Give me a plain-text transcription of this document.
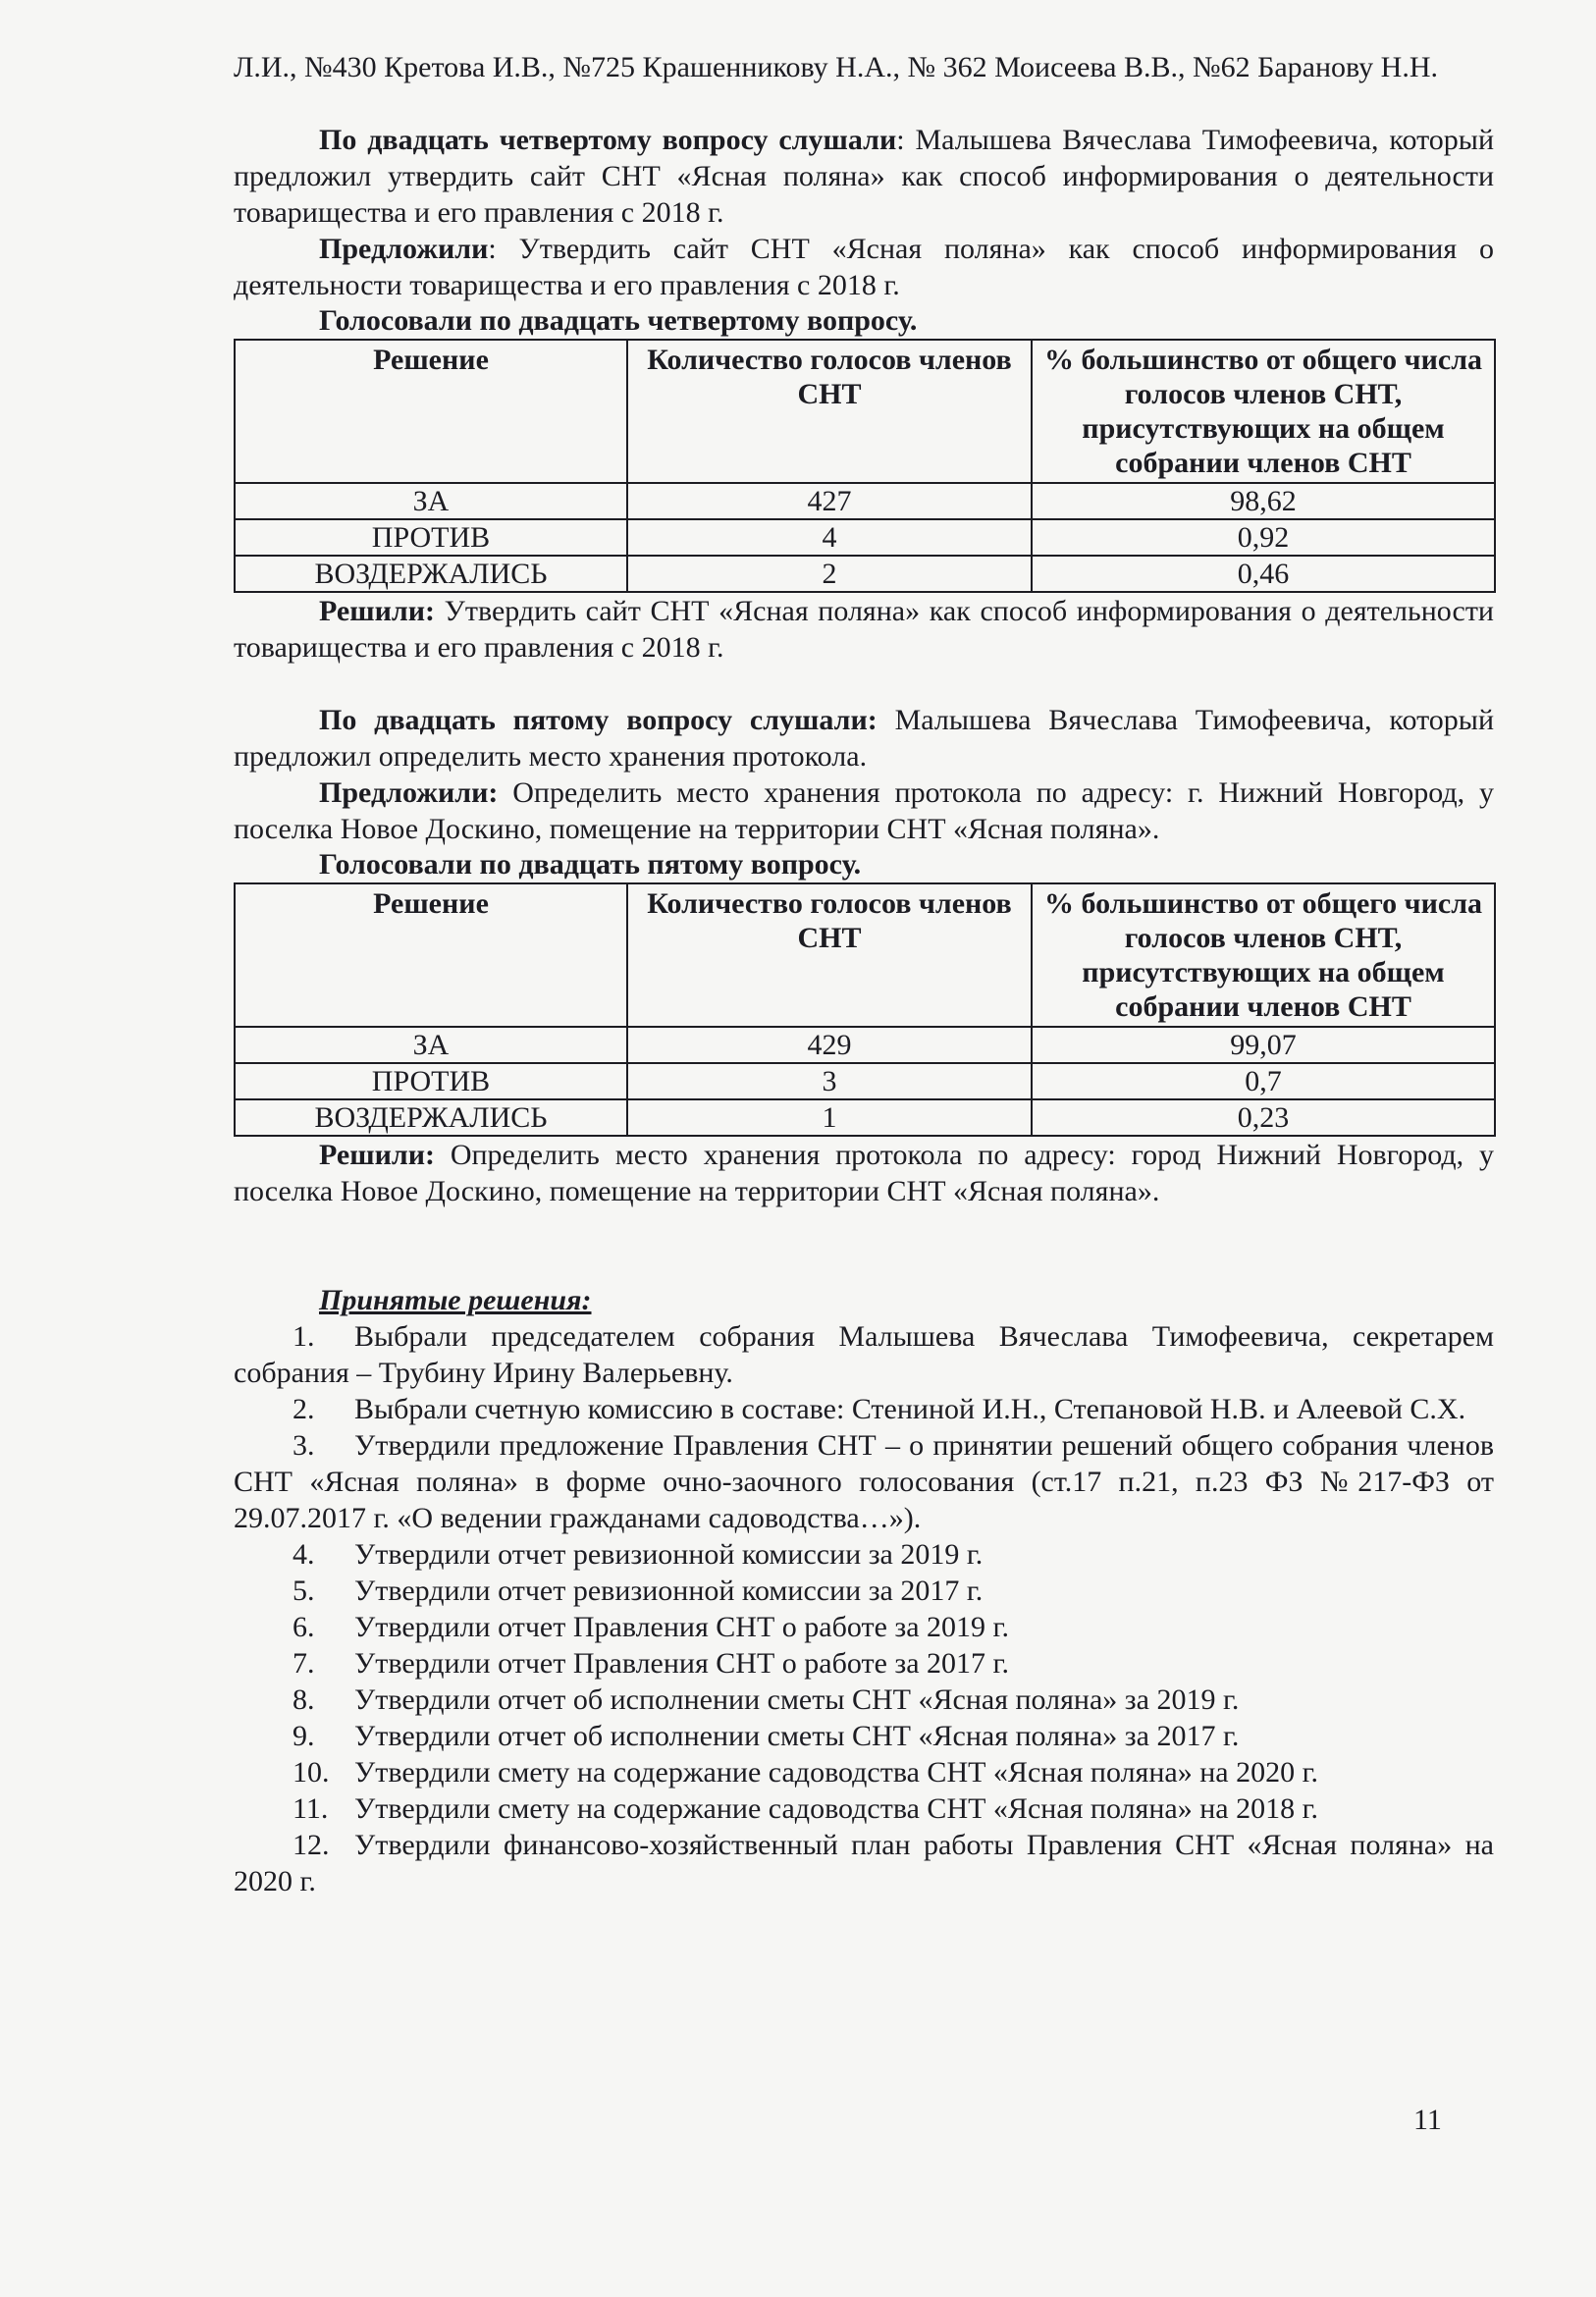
Л.И., №430 Кретова И.В., №725 Крашенникову Н.А., № 362 Моисеева В.В., №62 Баранову Н.Н.

По двадцать четвертому вопросу слушали: Малышева Вячеслава Тимофеевича, который предложил утвердить сайт СНТ «Ясная поляна» как способ информирования о деятельности товарищества и его правления с 2018 г.

Предложили: Утвердить сайт СНТ «Ясная поляна» как способ информирования о деятельности товарищества и его правления с 2018 г.

Голосовали по двадцать четвертому вопросу.
Решение	Количество голосов членов СНТ	% большинство от общего числа голосов членов СНТ, присутствующих на общем собрании членов СНТ
ЗА	427	98,62
ПРОТИВ	4	0,92
ВОЗДЕРЖАЛИСЬ	2	0,46

Решили: Утвердить сайт СНТ «Ясная поляна» как способ информирования о деятельности товарищества и его правления с 2018 г.

По двадцать пятому вопросу слушали: Малышева Вячеслава Тимофеевича, который предложил определить место хранения протокола.

Предложили: Определить место хранения протокола по адресу: г. Нижний Новгород, у поселка Новое Доскино, помещение на территории СНТ «Ясная поляна».

Голосовали по двадцать пятому вопросу.
Решение	Количество голосов членов СНТ	% большинство от общего числа голосов членов СНТ, присутствующих на общем собрании членов СНТ
ЗА	429	99,07
ПРОТИВ	3	0,7
ВОЗДЕРЖАЛИСЬ	1	0,23

Решили: Определить место хранения протокола по адресу: город Нижний Новгород, у поселка Новое Доскино, помещение на территории СНТ «Ясная поляна».

Принятые решения:
1. Выбрали председателем собрания Малышева Вячеслава Тимофеевича, секретарем собрания – Трубину Ирину Валерьевну.
2. Выбрали счетную комиссию в составе: Стениной И.Н., Степановой Н.В. и Алеевой С.Х.
3. Утвердили предложение Правления СНТ – о принятии решений общего собрания членов СНТ «Ясная поляна» в форме очно-заочного голосования (ст.17 п.21, п.23 ФЗ №217-ФЗ от 29.07.2017 г. «О ведении гражданами садоводства…»).
4. Утвердили отчет ревизионной комиссии за 2019 г.
5. Утвердили отчет ревизионной комиссии за 2017 г.
6. Утвердили отчет Правления СНТ о работе за 2019 г.
7. Утвердили отчет Правления СНТ о работе за 2017 г.
8. Утвердили отчет об исполнении сметы СНТ «Ясная поляна» за 2019 г.
9. Утвердили отчет об исполнении сметы СНТ «Ясная поляна» за 2017 г.
10. Утвердили смету на содержание садоводства СНТ «Ясная поляна» на 2020 г.
11. Утвердили смету на содержание садоводства СНТ «Ясная поляна» на 2018 г.
12. Утвердили финансово-хозяйственный план работы Правления СНТ «Ясная поляна» на 2020 г.
11
